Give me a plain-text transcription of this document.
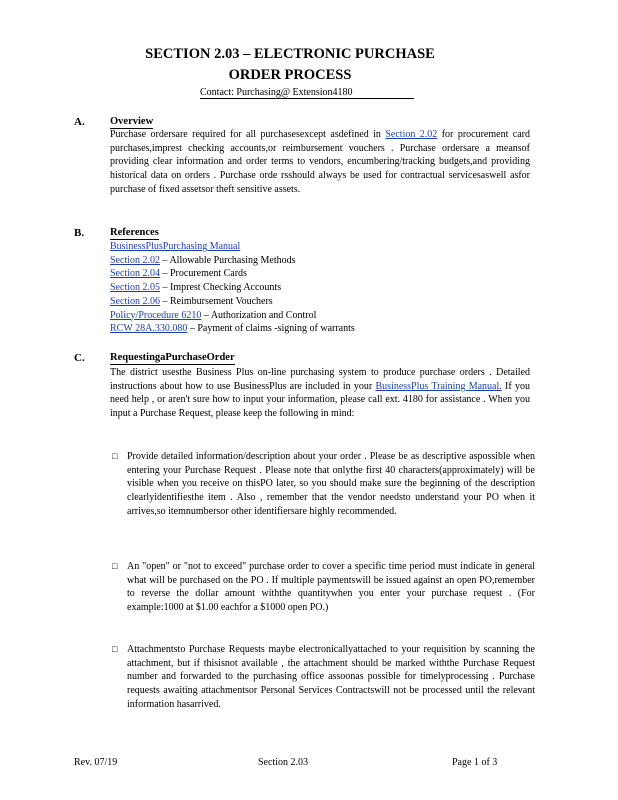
SECTION 2.03 – ELECTRONIC PURCHASE
ORDER PROCESS
Contact: Purchasing@ Extension4180
A. Overview
Purchase ordersare required for all purchasesexcept asdefined in Section 2.02 for procurement card purchases,imprest checking accounts,or reimbursement vouchers . Purchase ordersare a meansof providing clear information and order terms to vendors, encumbering/tracking budgets,and providing historical data on orders . Purchase orde rsshould always be used for contractual servicesaswell asfor purchase of fixed assetsor theft sensitive assets.
B. References
BusinessPlusPurchasing Manual
Section 2.02 – Allowable Purchasing Methods
Section 2.04 – Procurement Cards
Section 2.05 – Imprest Checking Accounts
Section 2.06 – Reimbursement Vouchers
Policy/Procedure 6210 – Authorization and Control
RCW 28A.330.080 – Payment of claims -signing of warrants
C. RequestingaPurchaseOrder
The district usesthe Business Plus on-line purchasing system to produce purchase orders . Detailed instructions about how to use BusinessPlus are included in your BusinessPlus Training Manual. If you need help , or aren't sure how to input your information, please call ext. 4180 for assistance . When you input a Purchase Request, please keep the following in mind:
□ Provide detailed information/description about your order . Please be as descriptive aspossible when entering your Purchase Request . Please note that onlythe first 40 characters(approximately) will be visible when you receive on thisPO later, so you should make sure the beginning of the description clearlyidentifiesthe item . Also , remember that the vendor needsto understand your PO when it arrives,so itemnumbersor other identifiersare highly recommended.
□ An "open" or "not to exceed" purchase order to cover a specific time period must indicate in general what will be purchased on the PO . If multiple paymentswill be issued against an open PO,remember to reverse the dollar amount withthe quantitywhen you enter your purchase request . (For example:1000 at $1.00 eachfor a $1000 open PO.)
□ Attachmentsto Purchase Requests maybe electronicallyattached to your requisition by scanning the attachment, but if thisisnot available , the attachment should be marked withthe Purchase Request number and forwarded to the purchasing office assoonas possible for timelyprocessing . Purchase requests awaiting attachmentsor Personal Services Contractswill not be processed until the relevant information hasarrived.
Rev. 07/19	Section 2.03	Page 1 of 3
